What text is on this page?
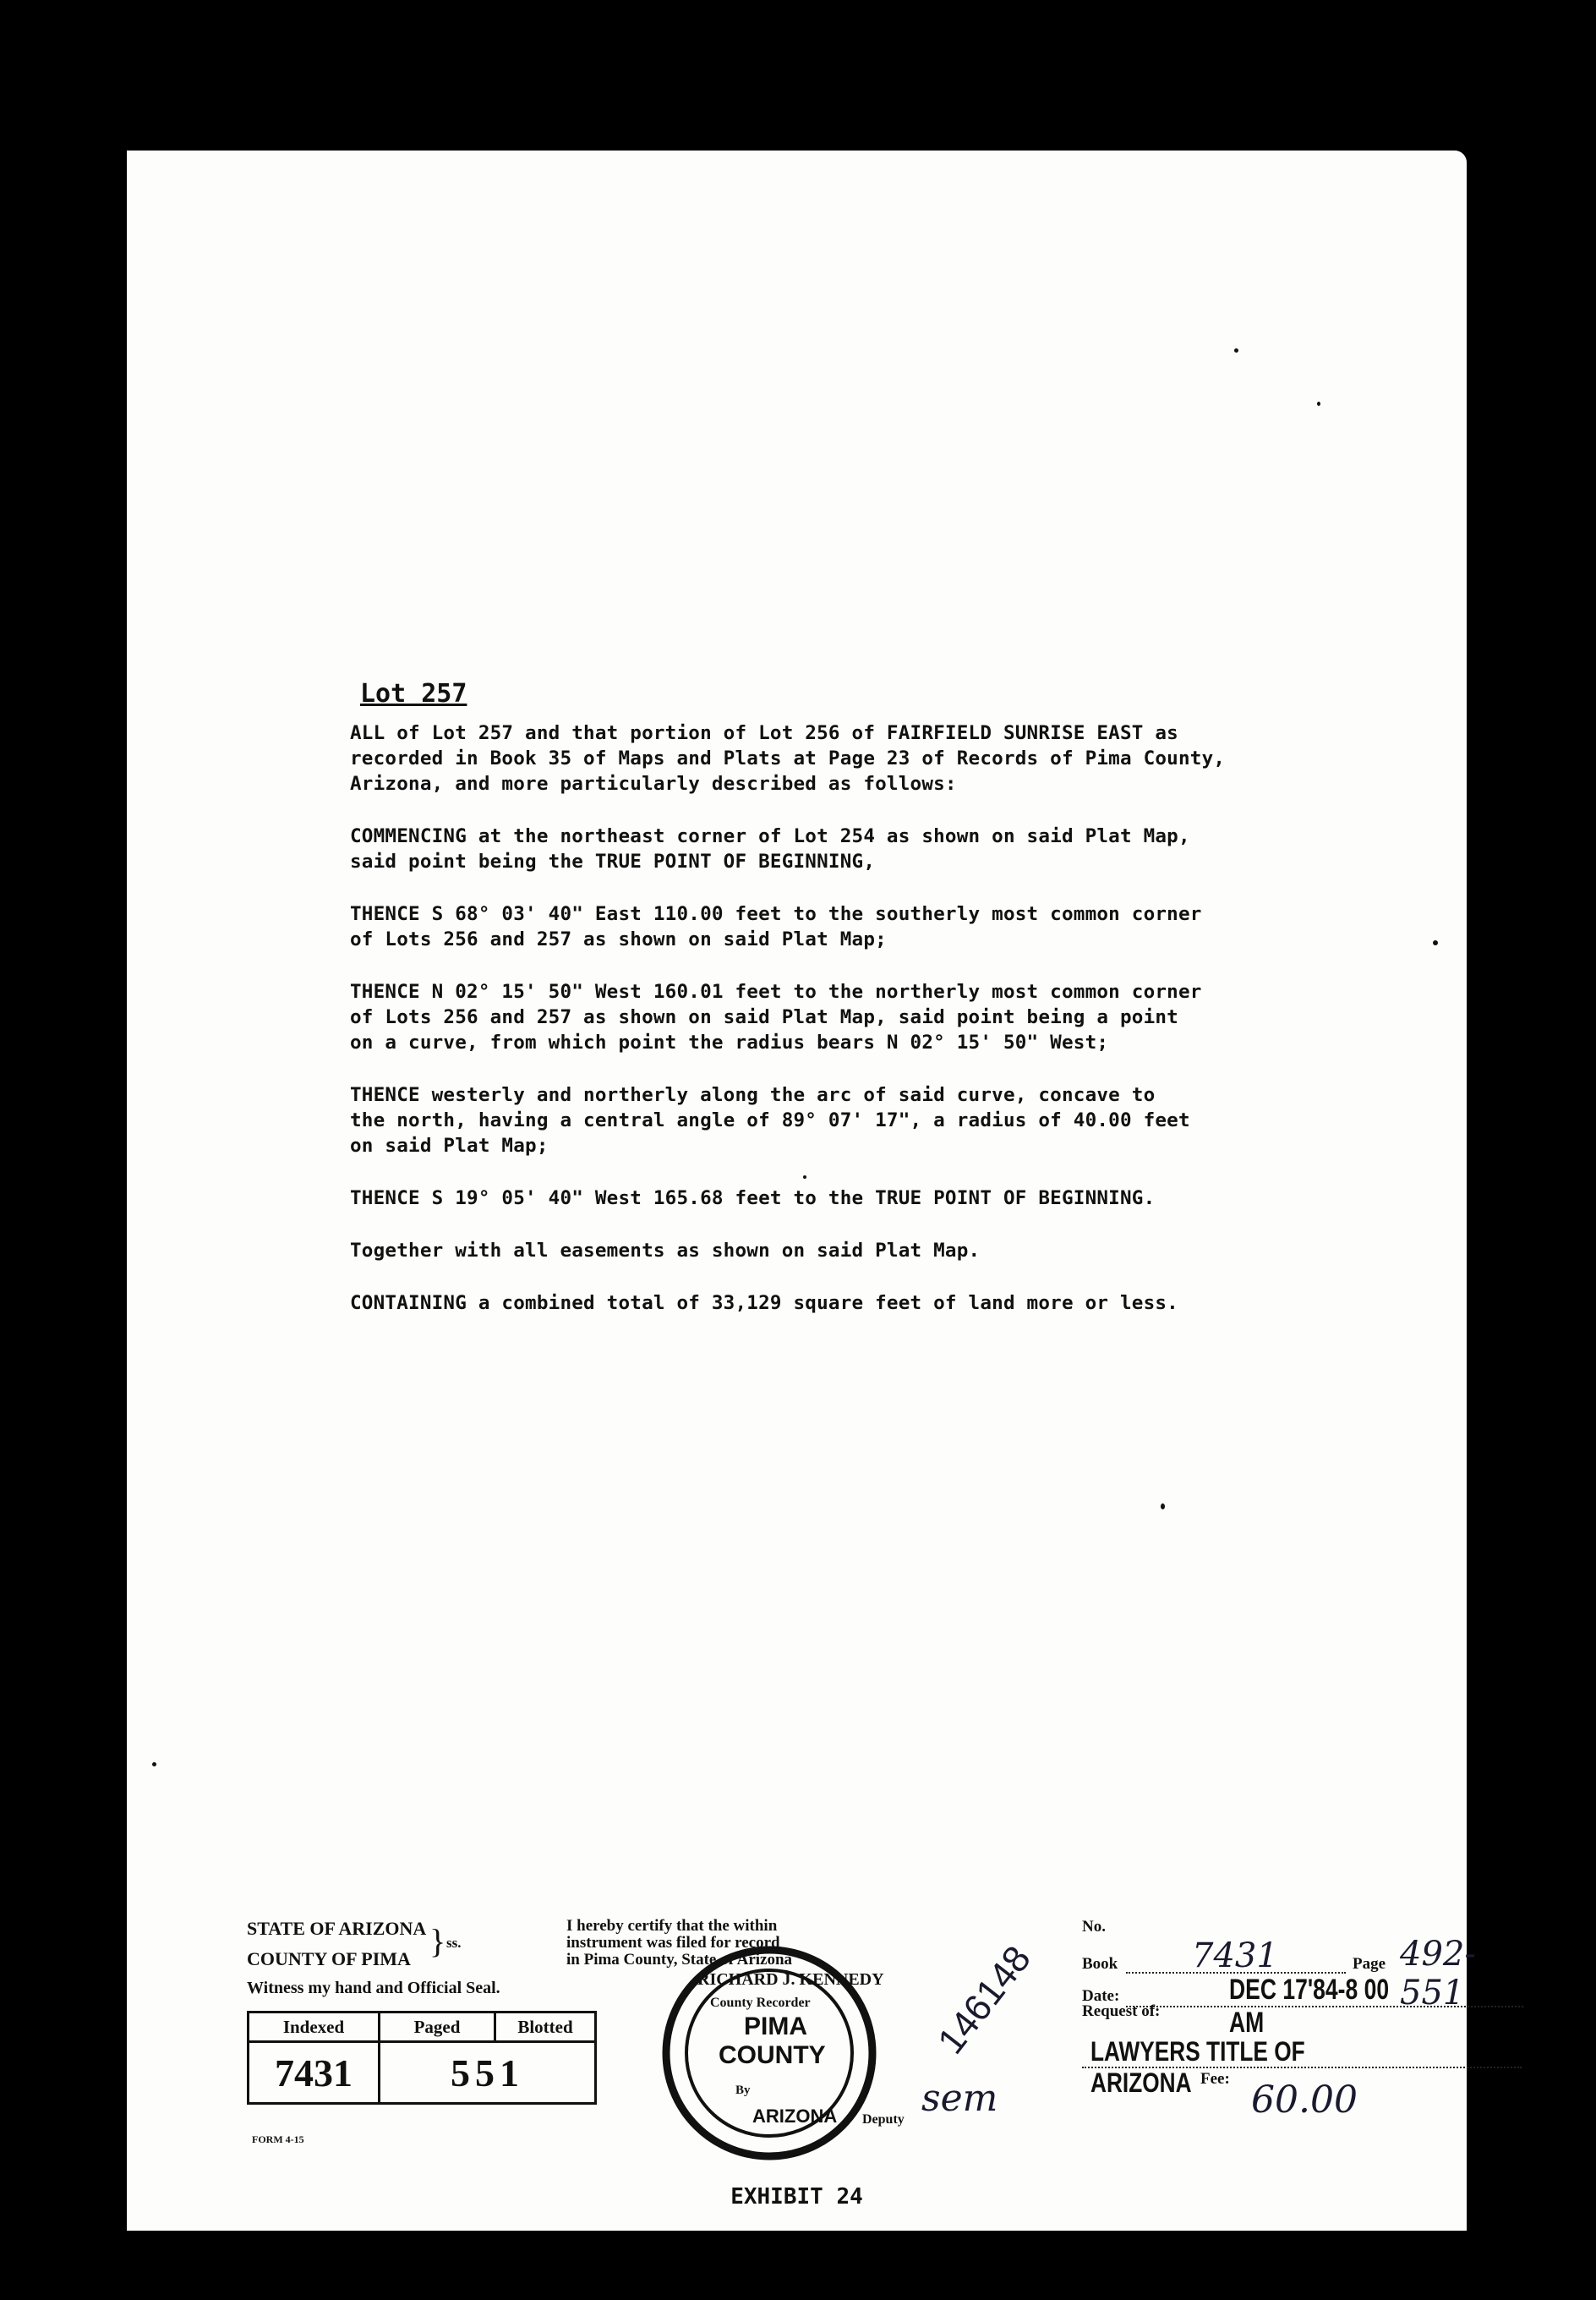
Lot 257

ALL of Lot 257 and that portion of Lot 256 of FAIRFIELD SUNRISE EAST as
recorded in Book 35 of Maps and Plats at Page 23 of Records of Pima County,
Arizona, and more particularly described as follows:

COMMENCING at the northeast corner of Lot 254 as shown on said Plat Map,
said point being the TRUE POINT OF BEGINNING,

THENCE S 68° 03' 40" East 110.00 feet to the southerly most common corner
of Lots 256 and 257 as shown on said Plat Map;

THENCE N 02° 15' 50" West 160.01 feet to the northerly most common corner
of Lots 256 and 257 as shown on said Plat Map, said point being a point
on a curve, from which point the radius bears N 02° 15' 50" West;

THENCE westerly and northerly along the arc of said curve, concave to
the north, having a central angle of 89° 07' 17", a radius of 40.00 feet
on said Plat Map;

THENCE S 19° 05' 40" West 165.68 feet to the TRUE POINT OF BEGINNING.

Together with all easements as shown on said Plat Map.

CONTAINING a combined total of 33,129 square feet of land more or less.

STATE OF ARIZONA
COUNTY OF PIMA } ss.
Witness my hand and Official Seal.
I hereby certify that the within
instrument was filed for record
in Pima County, State of Arizona
Indexed	Paged	Blotted
7431	551	
FORM 4-15
RICHARD J. KENNEDY
County Recorder
PIMA
COUNTY
ARIZONA
By
Deputy
146148
sem
No.
Book 7431	Page 492-551
Date:	DEC 17'84-8 00 AM
Request of:
LAWYERS TITLE OF ARIZONA Fee: 60.00
EXHIBIT 24
